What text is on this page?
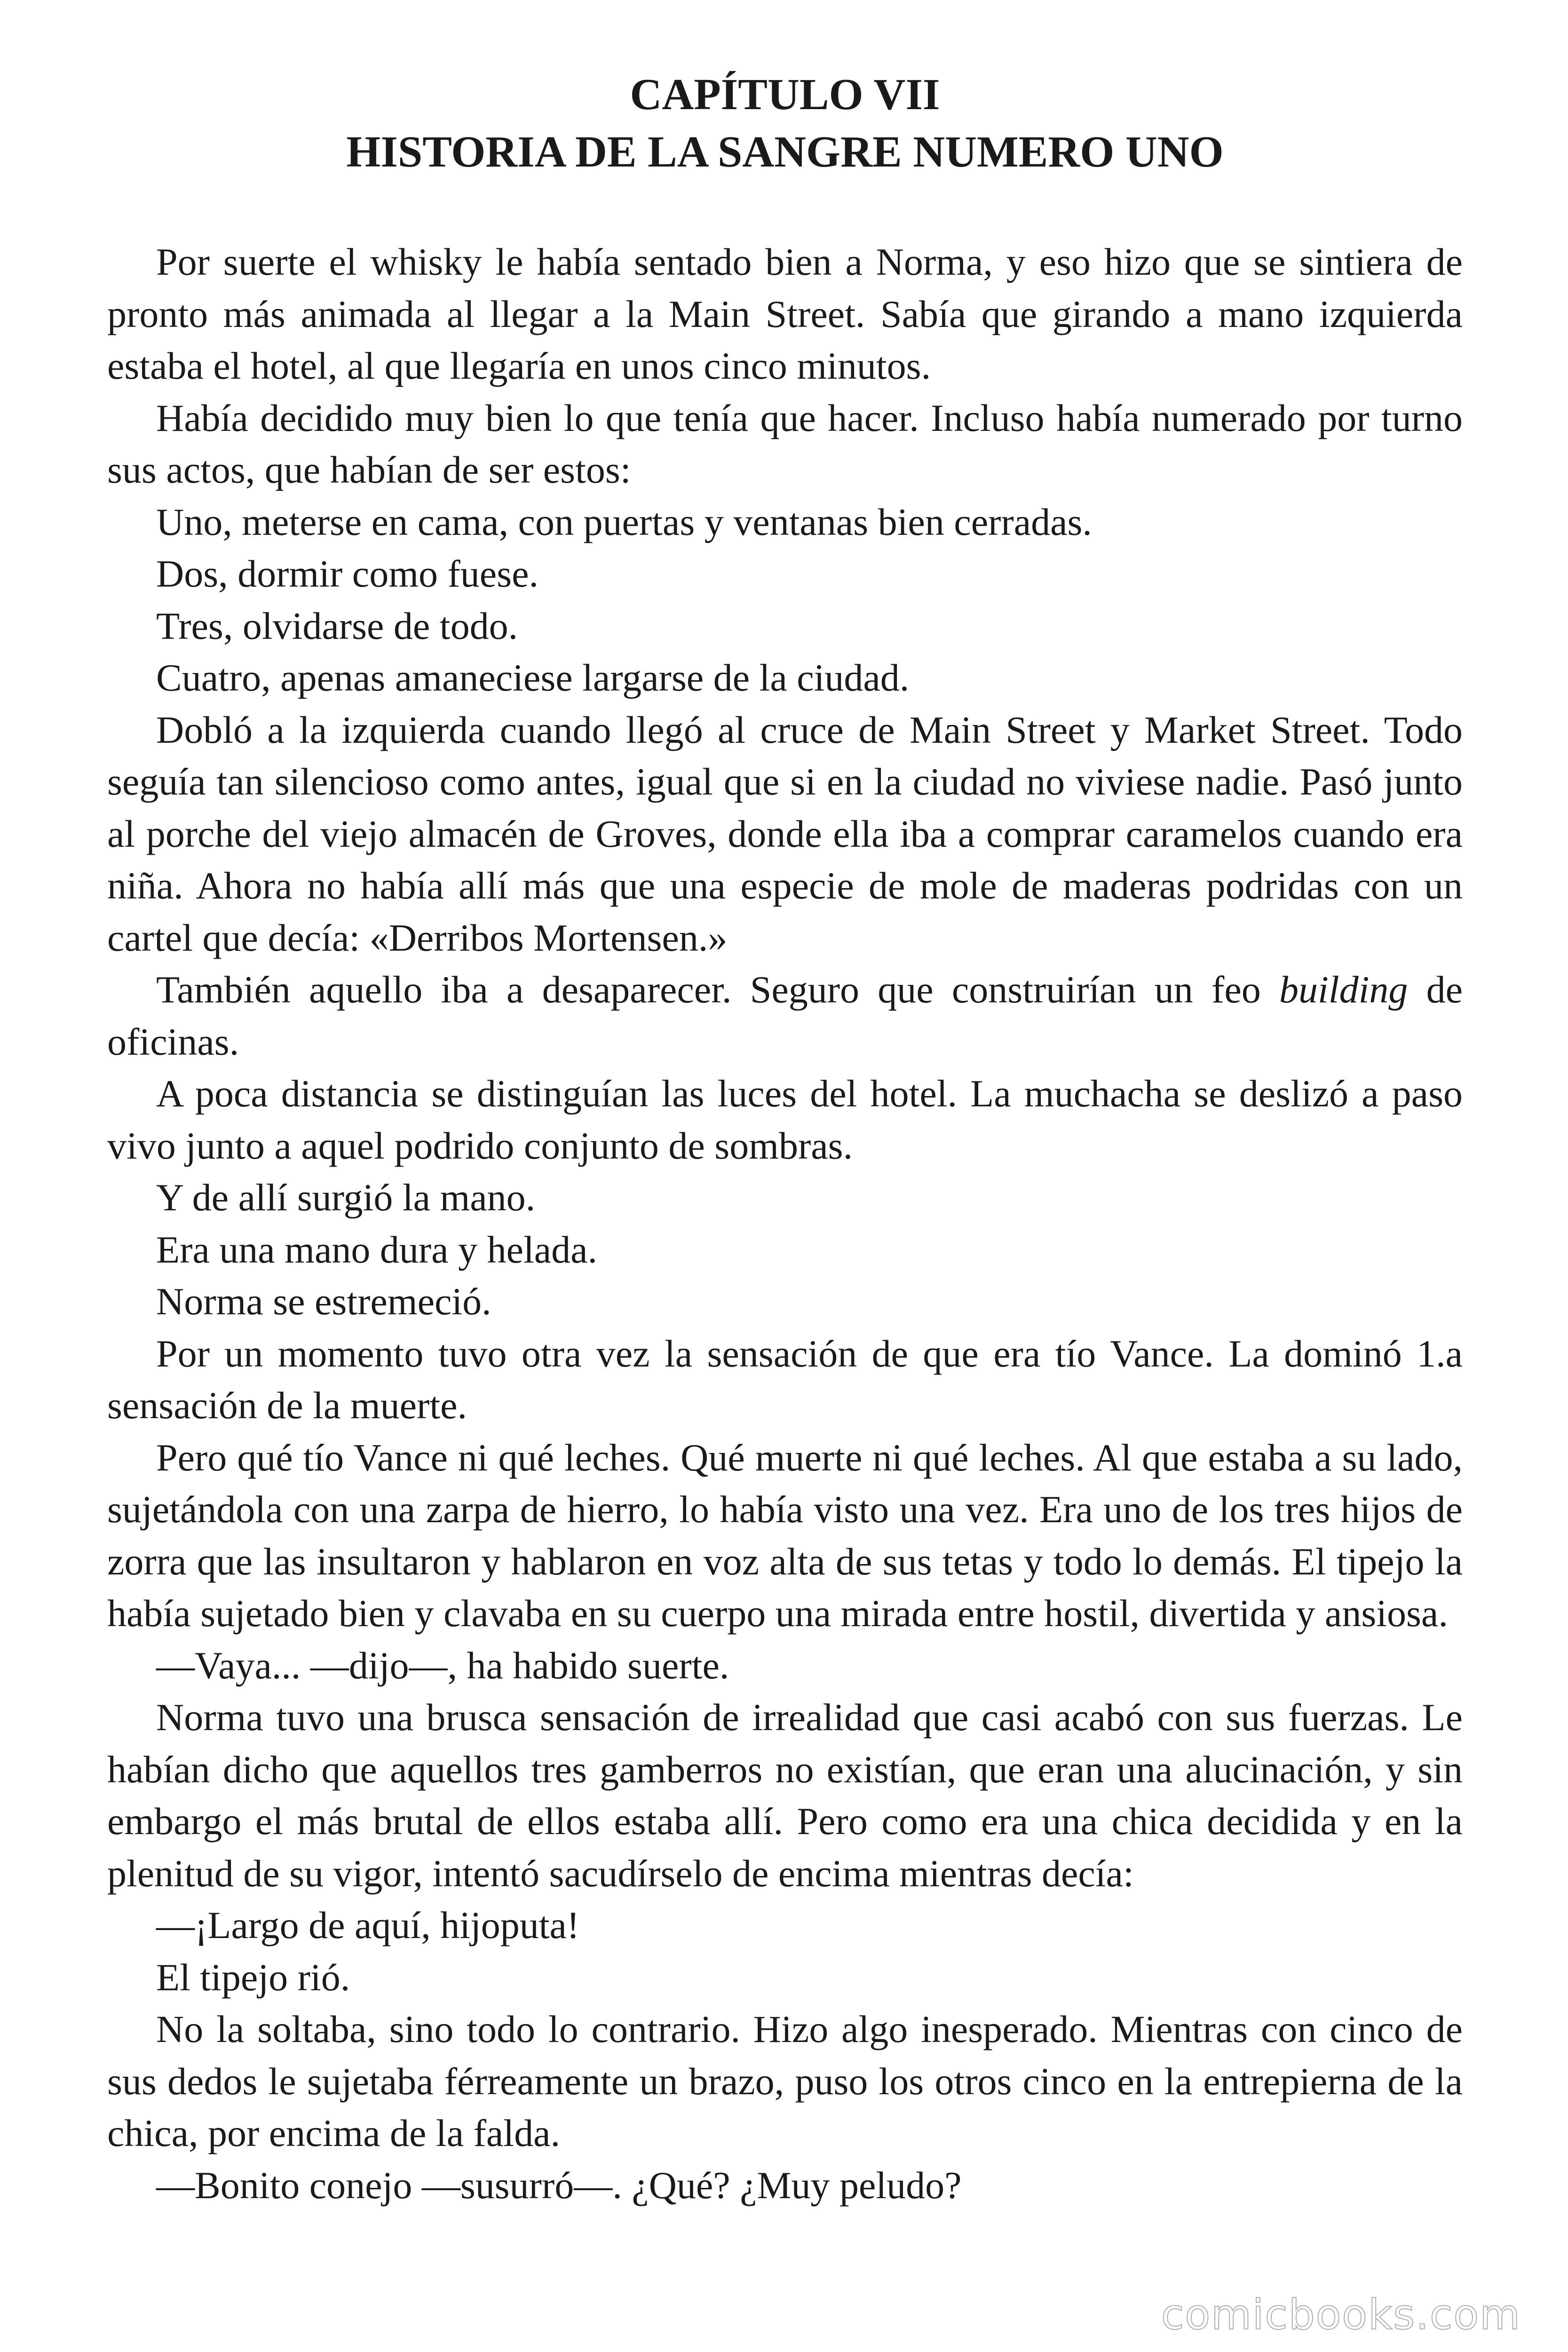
CAPÍTULO VII
HISTORIA DE LA SANGRE NUMERO UNO

Por suerte el whisky le había sentado bien a Norma, y eso hizo que se sintiera de pronto más animada al llegar a la Main Street. Sabía que girando a mano izquierda estaba el hotel, al que llegaría en unos cinco minutos.

Había decidido muy bien lo que tenía que hacer. Incluso había numerado por turno sus actos, que habían de ser estos:

Uno, meterse en cama, con puertas y ventanas bien cerradas.

Dos, dormir como fuese.

Tres, olvidarse de todo.

Cuatro, apenas amaneciese largarse de la ciudad.

Dobló a la izquierda cuando llegó al cruce de Main Street y Market Street. Todo seguía tan silencioso como antes, igual que si en la ciudad no viviese nadie. Pasó junto al porche del viejo almacén de Groves, donde ella iba a comprar caramelos cuando era niña. Ahora no había allí más que una especie de mole de maderas podridas con un cartel que decía: «Derribos Mortensen.»

También aquello iba a desaparecer. Seguro que construirían un feo building de oficinas.

A poca distancia se distinguían las luces del hotel. La muchacha se deslizó a paso vivo junto a aquel podrido conjunto de sombras.

Y de allí surgió la mano.

Era una mano dura y helada.

Norma se estremeció.

Por un momento tuvo otra vez la sensación de que era tío Vance. La dominó 1.a sensación de la muerte.

Pero qué tío Vance ni qué leches. Qué muerte ni qué leches. Al que estaba a su lado, sujetándola con una zarpa de hierro, lo había visto una vez. Era uno de los tres hijos de zorra que las insultaron y hablaron en voz alta de sus tetas y todo lo demás. El tipejo la había sujetado bien y clavaba en su cuerpo una mirada entre hostil, divertida y ansiosa.

—Vaya... —dijo—, ha habido suerte.

Norma tuvo una brusca sensación de irrealidad que casi acabó con sus fuerzas. Le habían dicho que aquellos tres gamberros no existían, que eran una alucinación, y sin embargo el más brutal de ellos estaba allí. Pero como era una chica decidida y en la plenitud de su vigor, intentó sacudírselo de encima mientras decía:

—¡Largo de aquí, hijoputa!

El tipejo rió.

No la soltaba, sino todo lo contrario. Hizo algo inesperado. Mientras con cinco de sus dedos le sujetaba férreamente un brazo, puso los otros cinco en la entrepierna de la chica, por encima de la falda.

—Bonito conejo —susurró—. ¿Qué? ¿Muy peludo?

comicbooks.com
